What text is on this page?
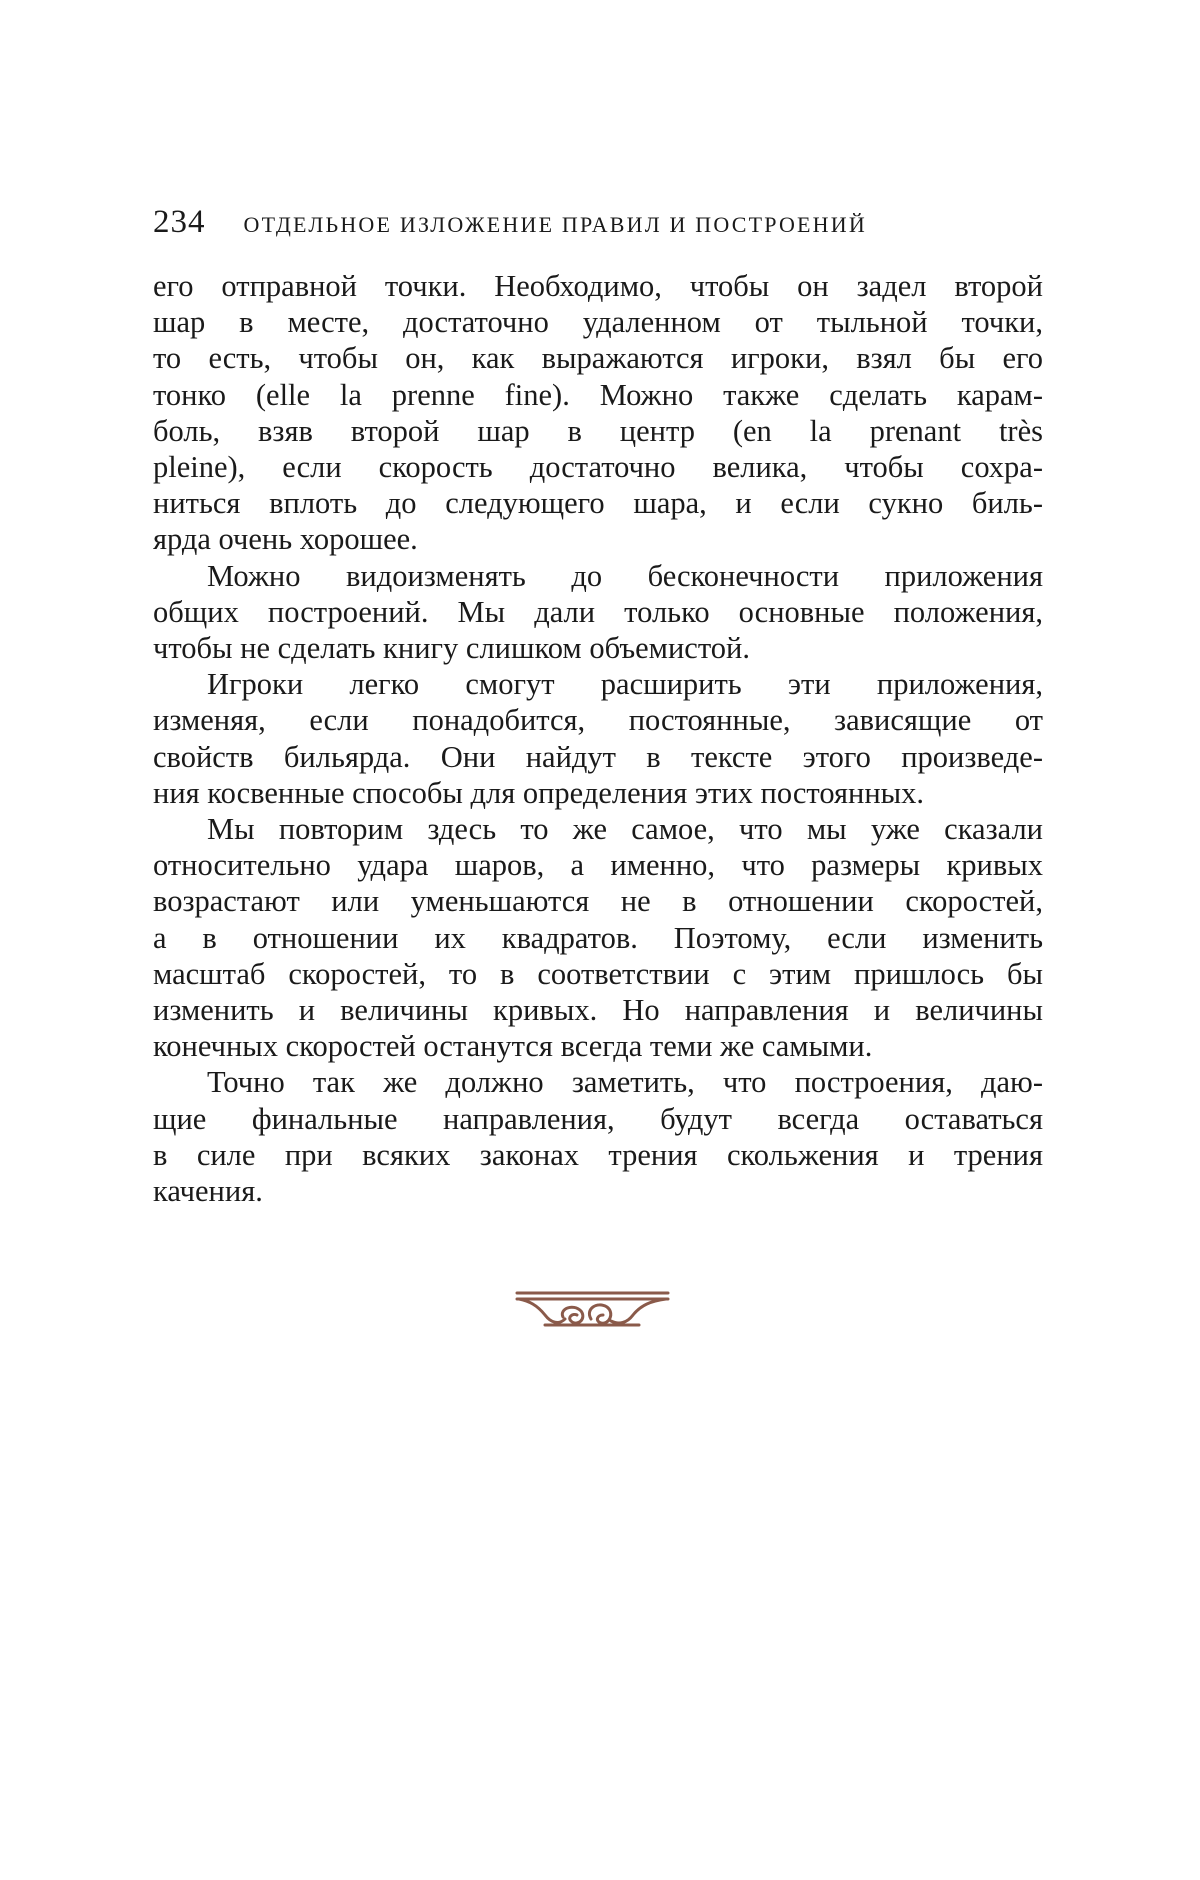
234 ОТДЕЛЬНОЕ ИЗЛОЖЕНИЕ ПРАВИЛ И ПОСТРОЕНИЙ

его отправной точки. Необходимо, чтобы он задел второй
шар в месте, достаточно удаленном от тыльной точки,
то есть, чтобы он, как выражаются игроки, взял бы его
тонко (elle la prenne fine). Можно также сделать карам-
боль, взяв второй шар в центр (en la prenant très
pleine), если скорость достаточно велика, чтобы сохра-
ниться вплоть до следующего шара, и если сукно биль-
ярда очень хорошее.

Можно видоизменять до бесконечности приложения
общих построений. Мы дали только основные положения,
чтобы не сделать книгу слишком объемистой.

Игроки легко смогут расширить эти приложения,
изменяя, если понадобится, постоянные, зависящие от
свойств бильярда. Они найдут в тексте этого произведе-
ния косвенные способы для определения этих постоянных.

Мы повторим здесь то же самое, что мы уже сказали
относительно удара шаров, а именно, что размеры кривых
возрастают или уменьшаются не в отношении скоростей,
а в отношении их квадратов. Поэтому, если изменить
масштаб скоростей, то в соответствии с этим пришлось бы
изменить и величины кривых. Но направления и величины
конечных скоростей останутся всегда теми же самыми.

Точно так же должно заметить, что построения, даю-
щие финальные направления, будут всегда оставаться
в силе при всяких законах трения скольжения и трения
качения.
